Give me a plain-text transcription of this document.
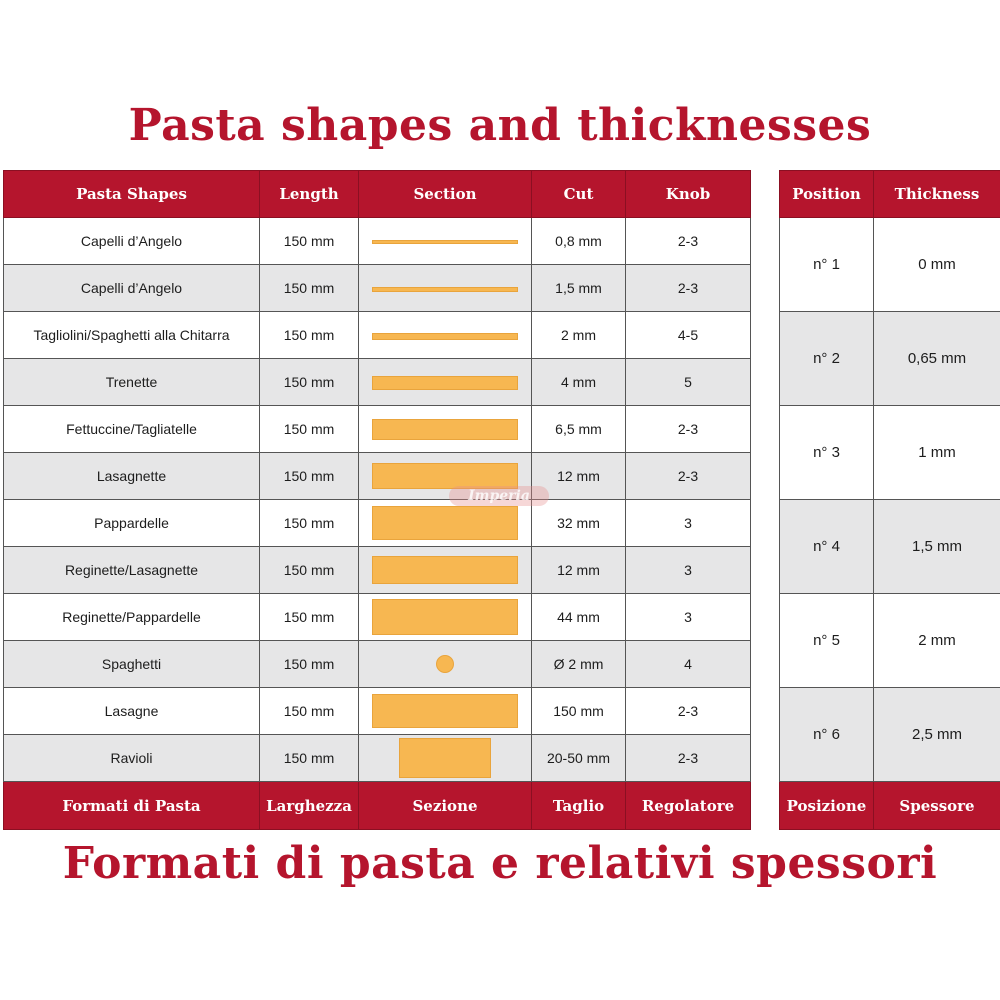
Pasta shapes and thicknesses
Pasta Shapes	Length	Section	Cut	Knob
Capelli d’Angelo	150 mm		0,8 mm	2-3
Capelli d’Angelo	150 mm		1,5 mm	2-3
Tagliolini/Spaghetti alla Chitarra	150 mm		2 mm	4-5
Trenette	150 mm		4 mm	5
Fettuccine/Tagliatelle	150 mm		6,5 mm	2-3
Lasagnette	150 mm		12 mm	2-3
Pappardelle	150 mm		32 mm	3
Reginette/Lasagnette	150 mm		12 mm	3
Reginette/Pappardelle	150 mm		44 mm	3
Spaghetti	150 mm		Ø 2 mm	4
Lasagne	150 mm		150 mm	2-3
Ravioli	150 mm		20-50 mm	2-3
Formati di Pasta	Larghezza	Sezione	Taglio	Regolatore
Position	Thickness
n° 1	0 mm
n° 2	0,65 mm
n° 3	1 mm
n° 4	1,5 mm
n° 5	2 mm
n° 6	2,5 mm
Posizione	Spessore
Imperia
Formati di pasta e relativi spessori
